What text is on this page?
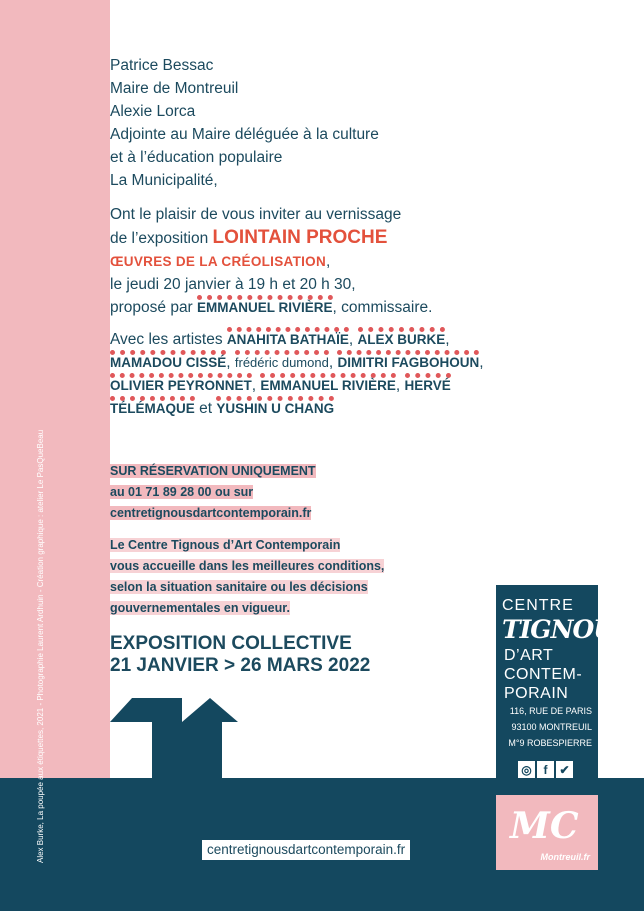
Alex Burke, La poupée aux étiquettes, 2021 - Photographie Laurent Ardhuin - Création graphique : atelier Le PasQueBeau
Patrice Bessac
Maire de Montreuil
Alexie Lorca
Adjointe au Maire déléguée à la culture
et à l’éducation populaire
La Municipalité,
Ont le plaisir de vous inviter au vernissage
de l’exposition LOINTAIN PROCHE
ŒUVRES DE LA CRÉOLISATION,
le jeudi 20 janvier à 19 h et 20 h 30,
proposé par EMMANUEL RIVIÈRE, commissaire.
Avec les artistes ANAHITA BATHAÏE, ALEX BURKE,
MAMADOU CISSÉ, frédéric dumond, DIMITRI FAGBOHOUN,
OLIVIER PEYRONNET, EMMANUEL RIVIÈRE, HERVÉ
TÉLÉMAQUE et YUSHIN U CHANG
SUR RÉSERVATION UNIQUEMENT
au 01 71 89 28 00 ou sur
centretignousdartcontemporain.fr
Le Centre Tignous d’Art Contemporain
vous accueille dans les meilleures conditions,
selon la situation sanitaire ou les décisions
gouvernementales en vigueur.
EXPOSITION COLLECTIVE
21 JANVIER > 26 MARS 2022
CENTRE
TIGNOUS
D’ART
CONTEM-
PORAIN
116, RUE DE PARIS
93100 MONTREUIL
M°9 ROBESPIERRE
◎ f ✔
MC
Montreuil.fr
centretignousdartcontemporain.fr
